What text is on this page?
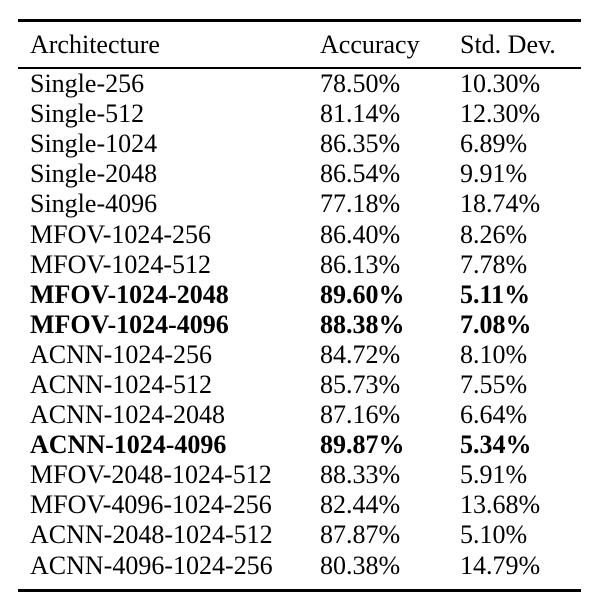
Architecture	Accuracy	Std. Dev.
Single-256	78.50%	10.30%
Single-512	81.14%	12.30%
Single-1024	86.35%	6.89%
Single-2048	86.54%	9.91%
Single-4096	77.18%	18.74%
MFOV-1024-256	86.40%	8.26%
MFOV-1024-512	86.13%	7.78%
MFOV-1024-2048	89.60%	5.11%
MFOV-1024-4096	88.38%	7.08%
ACNN-1024-256	84.72%	8.10%
ACNN-1024-512	85.73%	7.55%
ACNN-1024-2048	87.16%	6.64%
ACNN-1024-4096	89.87%	5.34%
MFOV-2048-1024-512	88.33%	5.91%
MFOV-4096-1024-256	82.44%	13.68%
ACNN-2048-1024-512	87.87%	5.10%
ACNN-4096-1024-256	80.38%	14.79%
